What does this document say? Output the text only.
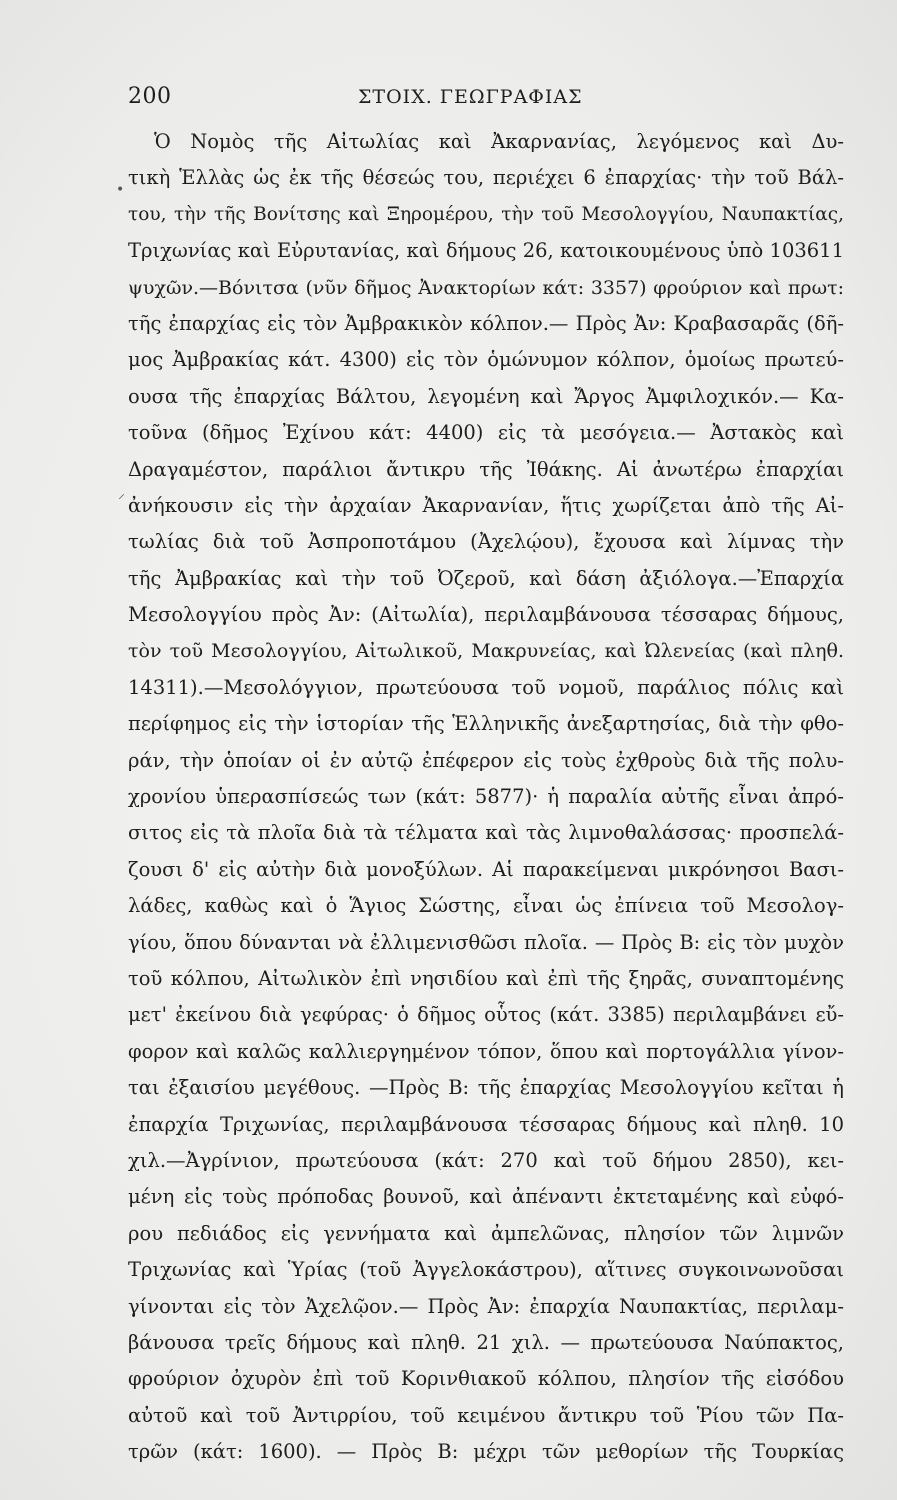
200	ΣΤΟΙΧ. ΓΕΩΓΡΑΦΙΑΣ
•
⸍
Ὁ Νομὸς τῆς Αἰτωλίας καὶ Ἀκαρνανίας, λεγόμενος καὶ Δυ-
τικὴ Ἑλλὰς ὡς ἐκ τῆς θέσεώς του, περιέχει 6 ἐπαρχίας· τὴν τοῦ Βάλ-
του, τὴν τῆς Βονίτσης καὶ Ξηρομέρου, τὴν τοῦ Μεσολογγίου, Ναυπακτίας,
Τριχωνίας καὶ Εὐρυτανίας, καὶ δήμους 26, κατοικουμένους ὑπὸ 103611
ψυχῶν.—Βόνιτσα (νῦν δῆμος Ἀνακτορίων κάτ: 3357) φρούριον καὶ πρωτ:
τῆς ἐπαρχίας εἰς τὸν Ἀμβρακικὸν κόλπον.— Πρὸς Ἀν: Κραβασαρᾶς (δῆ-
μος Ἀμβρακίας κάτ. 4300) εἰς τὸν ὁμώνυμον κόλπον, ὁμοίως πρωτεύ-
ουσα τῆς ἐπαρχίας Βάλτου, λεγομένη καὶ Ἄργος Ἀμφιλοχικόν.— Κα-
τοῦνα (δῆμος Ἐχίνου κάτ: 4400) εἰς τὰ μεσόγεια.— Ἀστακὸς καὶ
Δραγαμέστον, παράλιοι ἄντικρυ τῆς Ἰθάκης. Αἱ ἀνωτέρω ἐπαρχίαι
ἀνήκουσιν εἰς τὴν ἀρχαίαν Ἀκαρνανίαν, ἥτις χωρίζεται ἀπὸ τῆς Αἰ-
τωλίας διὰ τοῦ Ἀσπροποτάμου (Ἀχελῴου), ἔχουσα καὶ λίμνας τὴν
τῆς Ἀμβρακίας καὶ τὴν τοῦ Ὀζεροῦ, καὶ δάση ἀξιόλογα.—Ἐπαρχία
Μεσολογγίου πρὸς Ἀν: (Αἰτωλία), περιλαμβάνουσα τέσσαρας δήμους,
τὸν τοῦ Μεσολογγίου, Αἰτωλικοῦ, Μακρυνείας, καὶ Ὠλενείας (καὶ πληθ.
14311).—Μεσολόγγιον, πρωτεύουσα τοῦ νομοῦ, παράλιος πόλις καὶ
περίφημος εἰς τὴν ἱστορίαν τῆς Ἑλληνικῆς ἀνεξαρτησίας, διὰ τὴν φθο-
ράν, τὴν ὁποίαν οἱ ἐν αὐτῷ ἐπέφερον εἰς τοὺς ἐχθροὺς διὰ τῆς πολυ-
χρονίου ὑπερασπίσεώς των (κάτ: 5877)· ἡ παραλία αὐτῆς εἶναι ἀπρό-
σιτος εἰς τὰ πλοῖα διὰ τὰ τέλματα καὶ τὰς λιμνοθαλάσσας· προσπελά-
ζουσι δ' εἰς αὐτὴν διὰ μονοξύλων. Αἱ παρακείμεναι μικρόνησοι Βασι-
λάδες, καθὼς καὶ ὁ Ἅγιος Σώστης, εἶναι ὡς ἐπίνεια τοῦ Μεσολογ-
γίου, ὅπου δύνανται νὰ ἐλλιμενισθῶσι πλοῖα. — Πρὸς Β: εἰς τὸν μυχὸν
τοῦ κόλπου, Αἰτωλικὸν ἐπὶ νησιδίου καὶ ἐπὶ τῆς ξηρᾶς, συναπτομένης
μετ' ἐκείνου διὰ γεφύρας· ὁ δῆμος οὗτος (κάτ. 3385) περιλαμβάνει εὔ-
φορον καὶ καλῶς καλλιεργημένον τόπον, ὅπου καὶ πορτογάλλια γίνον-
ται ἐξαισίου μεγέθους. —Πρὸς Β: τῆς ἐπαρχίας Μεσολογγίου κεῖται ἡ
ἐπαρχία Τριχωνίας, περιλαμβάνουσα τέσσαρας δήμους καὶ πληθ. 10
χιλ.—Ἀγρίνιον, πρωτεύουσα (κάτ: 270 καὶ τοῦ δήμου 2850), κει-
μένη εἰς τοὺς πρόποδας βουνοῦ, καὶ ἀπέναντι ἐκτεταμένης καὶ εὐφό-
ρου πεδιάδος εἰς γεννήματα καὶ ἀμπελῶνας, πλησίον τῶν λιμνῶν
Τριχωνίας καὶ Ὑρίας (τοῦ Ἀγγελοκάστρου), αἵτινες συγκοινωνοῦσαι
γίνονται εἰς τὸν Ἀχελῷον.— Πρὸς Ἀν: ἐπαρχία Ναυπακτίας, περιλαμ-
βάνουσα τρεῖς δήμους καὶ πληθ. 21 χιλ. — πρωτεύουσα Ναύπακτος,
φρούριον ὀχυρὸν ἐπὶ τοῦ Κορινθιακοῦ κόλπου, πλησίον τῆς εἰσόδου
αὐτοῦ καὶ τοῦ Ἀντιρρίου, τοῦ κειμένου ἄντικρυ τοῦ Ῥίου τῶν Πα-
τρῶν (κάτ: 1600). — Πρὸς Β: μέχρι τῶν μεθορίων τῆς Τουρκίας
